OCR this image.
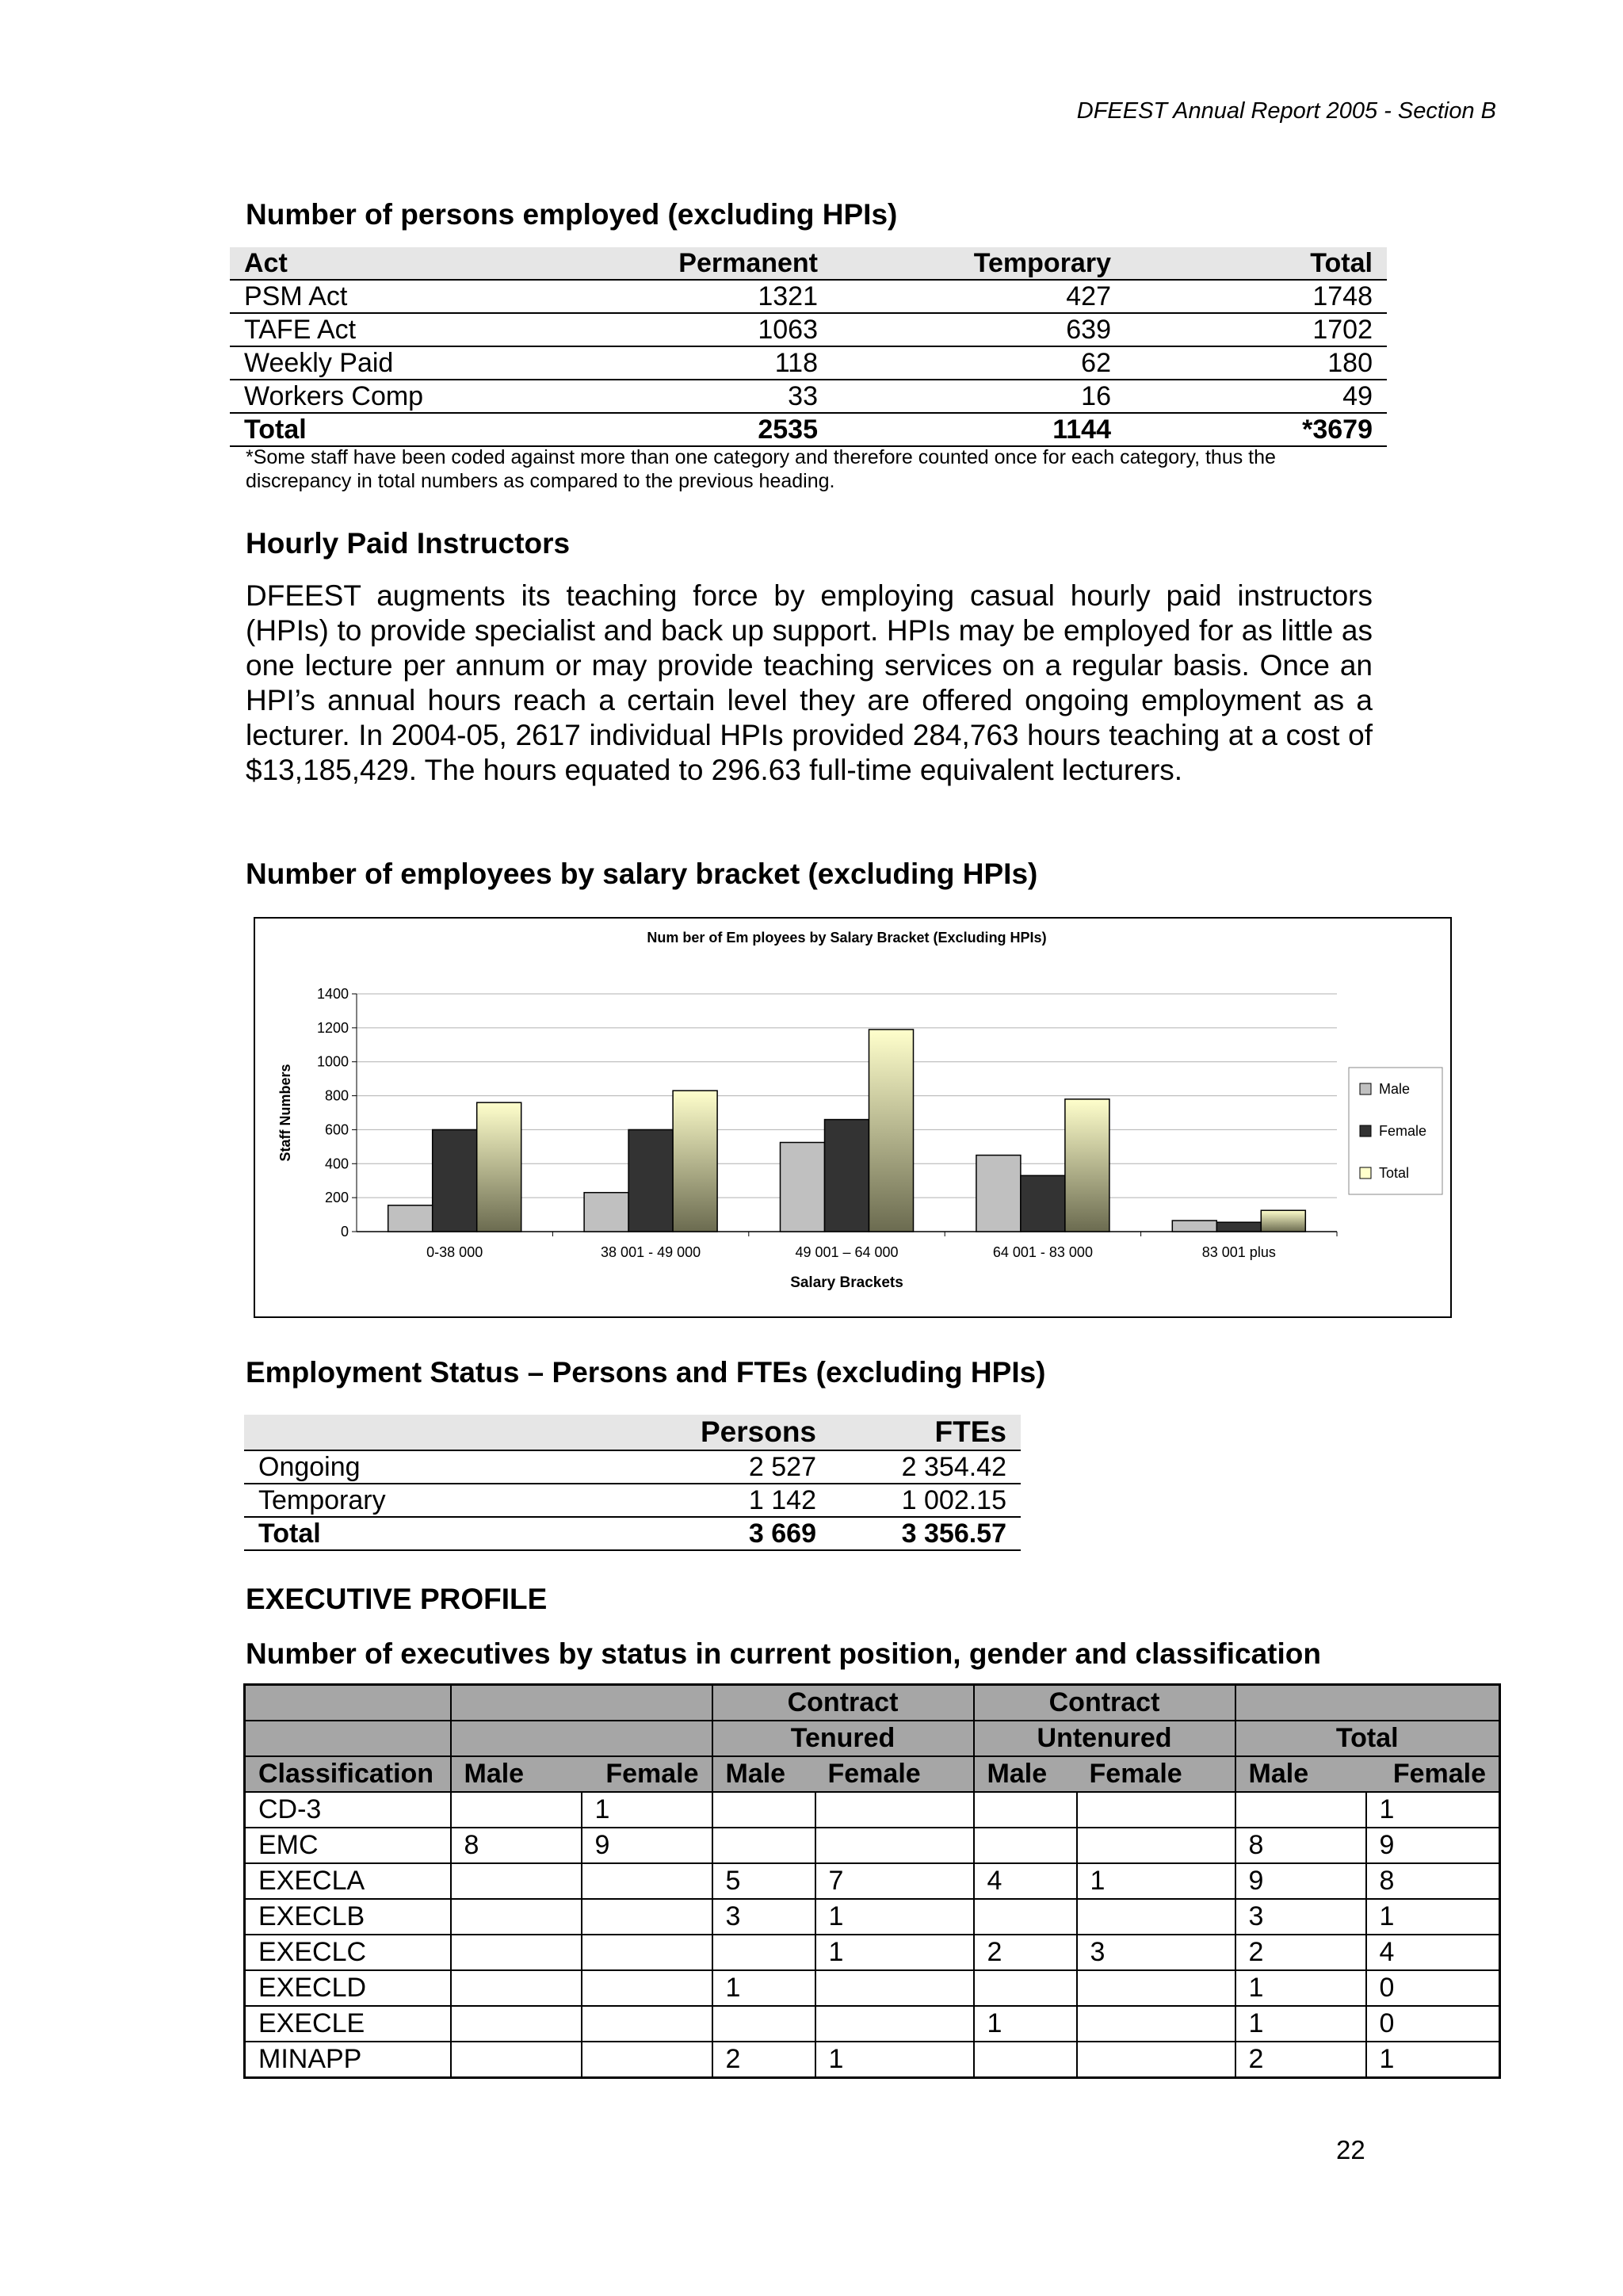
DFEEST Annual Report 2005 - Section B
Number of persons employed (excluding HPIs)
Act	Permanent	Temporary	Total
PSM Act	1321	427	1748
TAFE Act	1063	639	1702
Weekly Paid	118	62	180
Workers Comp	33	16	49
Total	2535	1144	*3679
*Some staff have been coded against more than one category and therefore counted once for each category, thus the discrepancy in total numbers as compared to the previous heading.
Hourly Paid Instructors
DFEEST augments its teaching force by employing casual hourly paid instructors (HPIs) to provide specialist and back up support. HPIs may be employed for as little as one lecture per annum or may provide teaching services on a regular basis. Once an HPI’s annual hours reach a certain level they are offered ongoing employment as a lecturer. In 2004-05, 2617 individual HPIs provided 284,763 hours teaching at a cost of $13,185,429. The hours equated to 296.63 full-time equivalent lecturers.
Number of employees by salary bracket (excluding HPIs)
Num ber of Em ployees by Salary Bracket (Excluding HPIs)
0
200
400
600
800
1000
1200
1400
Staff Numbers
0-38 000	38 001 - 49 000	49 001 – 64 000	64 001 - 83 000	83 001 plus
Salary Brackets
Male
Female
Total
Employment Status – Persons and FTEs (excluding HPIs)
	Persons	FTEs
Ongoing	2 527	2 354.42
Temporary	1 142	1 002.15
Total	3 669	3 356.57
EXECUTIVE PROFILE
Number of executives by status in current position, gender and classification
			Contract		Contract			
			Tenured		Untenured		Total	
Classification	Male	Female	Male	Female	Male	Female	Male	Female
CD-3		1						1
EMC	8	9					8	9
EXECLA			5	7	4	1	9	8
EXECLB			3	1			3	1
EXECLC				1	2	3	2	4
EXECLD			1				1	0
EXECLE					1		1	0
MINAPP			2	1			2	1
22
